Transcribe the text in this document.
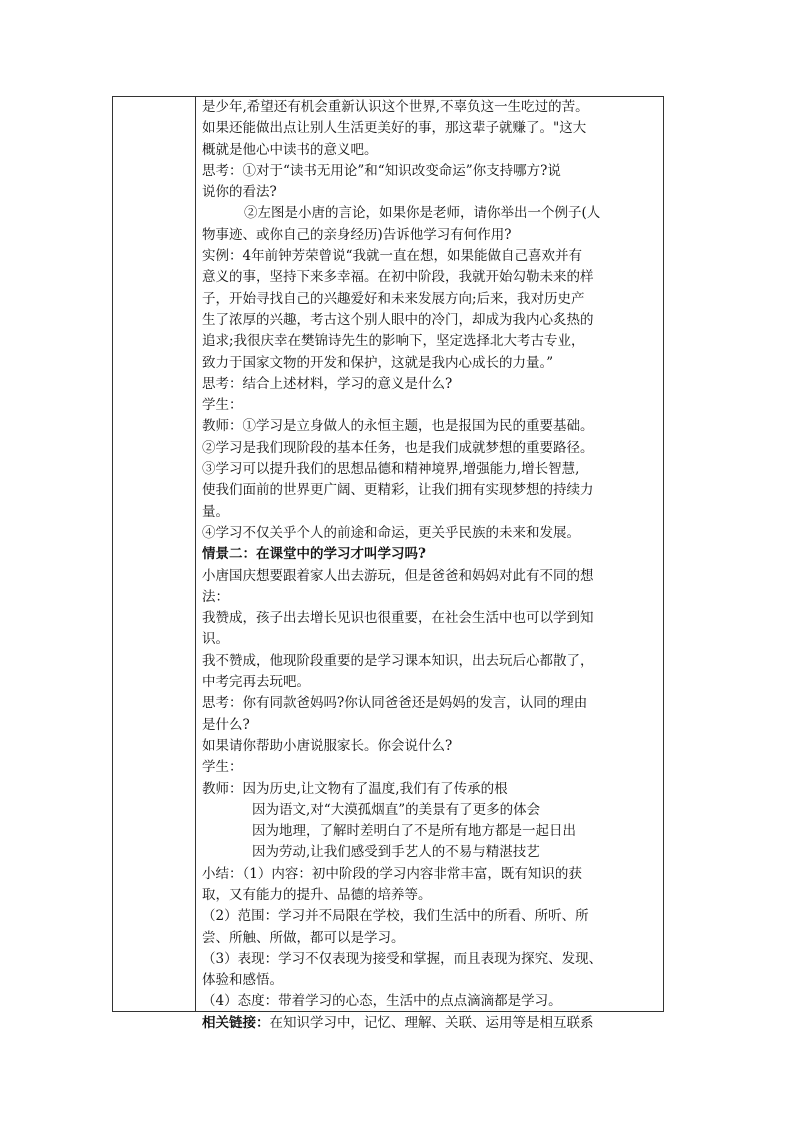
是少年,希望还有机会重新认识这个世界,不辜负这一生吃过的苦。
如果还能做出点让别人生活更美好的事，那这辈子就赚了。"这大
概就是他心中读书的意义吧。
思考：①对于“读书无用论”和“知识改变命运”你支持哪方?说
说你的看法?
②左图是小唐的言论，如果你是老师，请你举出一个例子(人
物事迹、或你自己的亲身经历)告诉他学习有何作用?
实例：4年前钟芳荣曾说“我就一直在想，如果能做自己喜欢并有
意义的事，坚持下来多幸福。在初中阶段，我就开始勾勒未来的样
子，开始寻找自己的兴趣爱好和未来发展方向;后来，我对历史产
生了浓厚的兴趣，考古这个别人眼中的冷门，却成为我内心炙热的
追求;我很庆幸在樊锦诗先生的影响下，坚定选择北大考古专业，
致力于国家文物的开发和保护，这就是我内心成长的力量。”
思考：结合上述材料，学习的意义是什么?
学生：
教师：①学习是立身做人的永恒主题，也是报国为民的重要基础。
②学习是我们现阶段的基本任务，也是我们成就梦想的重要路径。
③学习可以提升我们的思想品德和精神境界,增强能力,增长智慧,
使我们面前的世界更广阔、更精彩，让我们拥有实现梦想的持续力
量。
④学习不仅关乎个人的前途和命运，更关乎民族的未来和发展。
情景二：在课堂中的学习才叫学习吗?
小唐国庆想要跟着家人出去游玩，但是爸爸和妈妈对此有不同的想
法：
我赞成，孩子出去增长见识也很重要，在社会生活中也可以学到知
识。
我不赞成，他现阶段重要的是学习课本知识，出去玩后心都散了，
中考完再去玩吧。
思考：你有同款爸妈吗?你认同爸爸还是妈妈的发言，认同的理由
是什么?
如果请你帮助小唐说服家长。你会说什么?
学生：
教师：因为历史,让文物有了温度,我们有了传承的根
因为语文,对“大漠孤烟直”的美景有了更多的体会
因为地理，了解时差明白了不是所有地方都是一起日出
因为劳动,让我们感受到手艺人的不易与精湛技艺
小结：（1）内容：初中阶段的学习内容非常丰富，既有知识的获
取，又有能力的提升、品德的培养等。
（2）范围：学习并不局限在学校，我们生活中的所看、所听、所
尝、所触、所做，都可以是学习。
（3）表现：学习不仅表现为接受和掌握，而且表现为探究、发现、
体验和感悟。
（4）态度：带着学习的心态，生活中的点点滴滴都是学习。
相关链接：在知识学习中，记忆、理解、关联、运用等是相互联系
